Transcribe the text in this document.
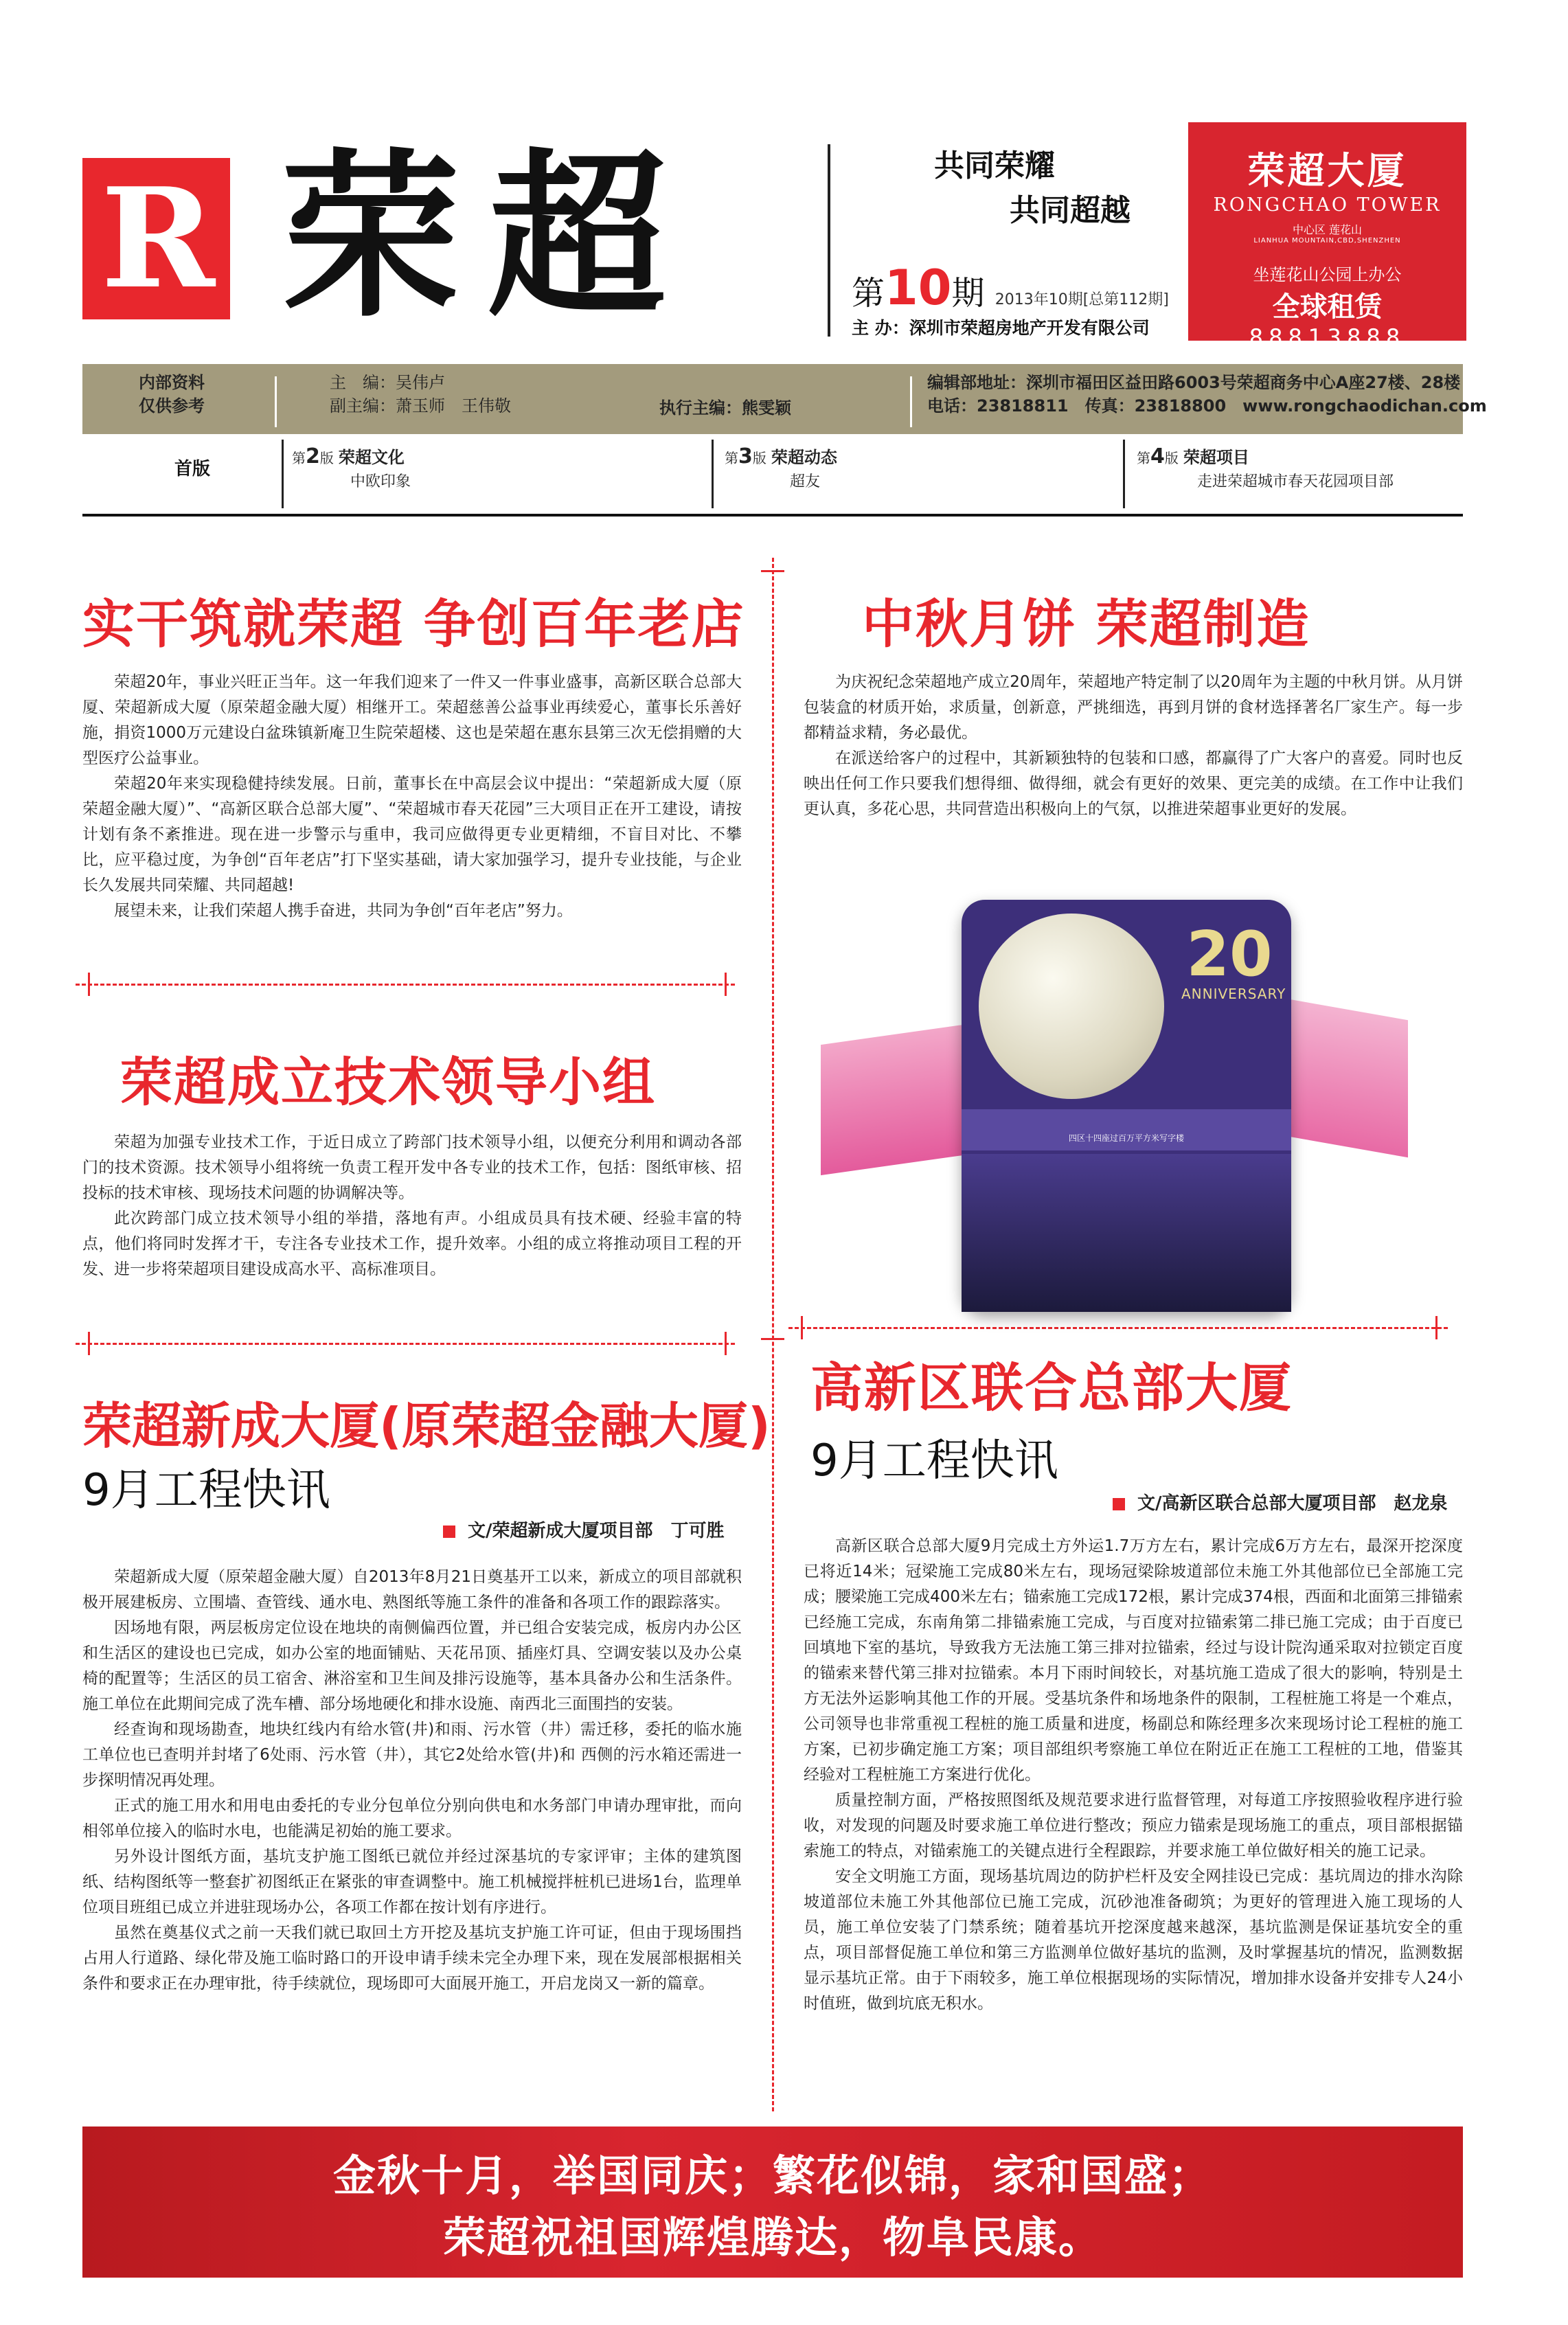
R 荣超	共同荣耀
共同超越
第10期 2013年10期[总第112期]
主 办：深圳市荣超房地产开发有限公司
荣超大厦
RONGCHAO TOWER
中心区 莲花山
LIANHUA MOUNTAIN,CBD,SHENZHEN
坐莲花山公园上办公
全球租赁
88813888
内部资料
仅供参考
主　编：吴伟卢
副主编：萧玉师　王伟敬	执行主编：熊雯颖
编辑部地址：深圳市福田区益田路6003号荣超商务中心A座27楼、28楼
电话：23818811　传真：23818800　www.rongchaodichan.com
首版
第2版 荣超文化
中欧印象
第3版 荣超动态
超友
第4版 荣超项目
走进荣超城市春天花园项目部
实干筑就荣超 争创百年老店

荣超20年，事业兴旺正当年。这一年我们迎来了一件又一件事业盛事，高新区联合总部大厦、荣超新成大厦（原荣超金融大厦）相继开工。荣超慈善公益事业再续爱心，董事长乐善好施，捐资1000万元建设白盆珠镇新庵卫生院荣超楼、这也是荣超在惠东县第三次无偿捐赠的大型医疗公益事业。

荣超20年来实现稳健持续发展。日前，董事长在中高层会议中提出：“荣超新成大厦（原荣超金融大厦）”、“高新区联合总部大厦”、“荣超城市春天花园”三大项目正在开工建设，请按计划有条不紊推进。现在进一步警示与重申，我司应做得更专业更精细，不盲目对比、不攀比，应平稳过度，为争创“百年老店”打下坚实基础，请大家加强学习，提升专业技能，与企业长久发展共同荣耀、共同超越!

展望未来，让我们荣超人携手奋进，共同为争创“百年老店”努力。

荣超成立技术领导小组

荣超为加强专业技术工作，于近日成立了跨部门技术领导小组，以便充分利用和调动各部门的技术资源。技术领导小组将统一负责工程开发中各专业的技术工作，包括：图纸审核、招投标的技术审核、现场技术问题的协调解决等。

此次跨部门成立技术领导小组的举措，落地有声。小组成员具有技术硬、经验丰富的特点，他们将同时发挥才干，专注各专业技术工作，提升效率。小组的成立将推动项目工程的开发、进一步将荣超项目建设成高水平、高标准项目。

荣超新成大厦(原荣超金融大厦)
9月工程快讯
文/荣超新成大厦项目部　丁可胜

荣超新成大厦（原荣超金融大厦）自2013年8月21日奠基开工以来，新成立的项目部就积极开展建板房、立围墙、查管线、通水电、熟图纸等施工条件的准备和各项工作的跟踪落实。

因场地有限，两层板房定位设在地块的南侧偏西位置，并已组合安装完成，板房内办公区和生活区的建设也已完成，如办公室的地面铺贴、天花吊顶、插座灯具、空调安装以及办公桌椅的配置等；生活区的员工宿舍、淋浴室和卫生间及排污设施等，基本具备办公和生活条件。施工单位在此期间完成了洗车槽、部分场地硬化和排水设施、南西北三面围挡的安装。

经查询和现场勘查，地块红线内有给水管(井)和雨、污水管（井）需迁移，委托的临水施工单位也已查明并封堵了6处雨、污水管（井），其它2处给水管(井)和 西侧的污水箱还需进一步探明情况再处理。

正式的施工用水和用电由委托的专业分包单位分别向供电和水务部门申请办理审批，而向相邻单位接入的临时水电，也能满足初始的施工要求。

另外设计图纸方面，基坑支护施工图纸已就位并经过深基坑的专家评审；主体的建筑图纸、结构图纸等一整套扩初图纸正在紧张的审查调整中。施工机械搅拌桩机已进场1台，监理单位项目班组已成立并进驻现场办公，各项工作都在按计划有序进行。

虽然在奠基仪式之前一天我们就已取回土方开挖及基坑支护施工许可证，但由于现场围挡占用人行道路、绿化带及施工临时路口的开设申请手续未完全办理下来，现在发展部根据相关条件和要求正在办理审批，待手续就位，现场即可大面展开施工，开启龙岗又一新的篇章。

中秋月饼 荣超制造

为庆祝纪念荣超地产成立20周年，荣超地产特定制了以20周年为主题的中秋月饼。从月饼包装盒的材质开始，求质量，创新意，严挑细选，再到月饼的食材选择著名厂家生产。每一步都精益求精，务必最优。

在派送给客户的过程中，其新颖独特的包装和口感，都赢得了广大客户的喜爱。同时也反映出任何工作只要我们想得细、做得细，就会有更好的效果、更完美的成绩。在工作中让我们更认真，多花心思，共同营造出积极向上的气氛，以推进荣超事业更好的发展。

20
ANNIVERSARY
四区十四座过百万平方米写字楼
高新区联合总部大厦
9月工程快讯
文/高新区联合总部大厦项目部　赵龙泉

高新区联合总部大厦9月完成土方外运1.7万方左右，累计完成6万方左右，最深开挖深度已将近14米；冠梁施工完成80米左右，现场冠梁除坡道部位未施工外其他部位已全部施工完成；腰梁施工完成400米左右；锚索施工完成172根，累计完成374根，西面和北面第三排锚索已经施工完成，东南角第二排锚索施工完成，与百度对拉锚索第二排已施工完成；由于百度已回填地下室的基坑，导致我方无法施工第三排对拉锚索，经过与设计院沟通采取对拉锁定百度的锚索来替代第三排对拉锚索。本月下雨时间较长，对基坑施工造成了很大的影响，特别是土方无法外运影响其他工作的开展。受基坑条件和场地条件的限制，工程桩施工将是一个难点，公司领导也非常重视工程桩的施工质量和进度，杨副总和陈经理多次来现场讨论工程桩的施工方案，已初步确定施工方案；项目部组织考察施工单位在附近正在施工工程桩的工地，借鉴其经验对工程桩施工方案进行优化。

质量控制方面，严格按照图纸及规范要求进行监督管理，对每道工序按照验收程序进行验收，对发现的问题及时要求施工单位进行整改；预应力锚索是现场施工的重点，项目部根据锚索施工的特点，对锚索施工的关键点进行全程跟踪，并要求施工单位做好相关的施工记录。

安全文明施工方面，现场基坑周边的防护栏杆及安全网挂设已完成：基坑周边的排水沟除坡道部位未施工外其他部位已施工完成，沉砂池准备砌筑；为更好的管理进入施工现场的人员，施工单位安装了门禁系统；随着基坑开挖深度越来越深，基坑监测是保证基坑安全的重点，项目部督促施工单位和第三方监测单位做好基坑的监测，及时掌握基坑的情况，监测数据显示基坑正常。由于下雨较多，施工单位根据现场的实际情况，增加排水设备并安排专人24小时值班，做到坑底无积水。

金秋十月，举国同庆；繁花似锦，家和国盛；
荣超祝祖国辉煌腾达，物阜民康。
